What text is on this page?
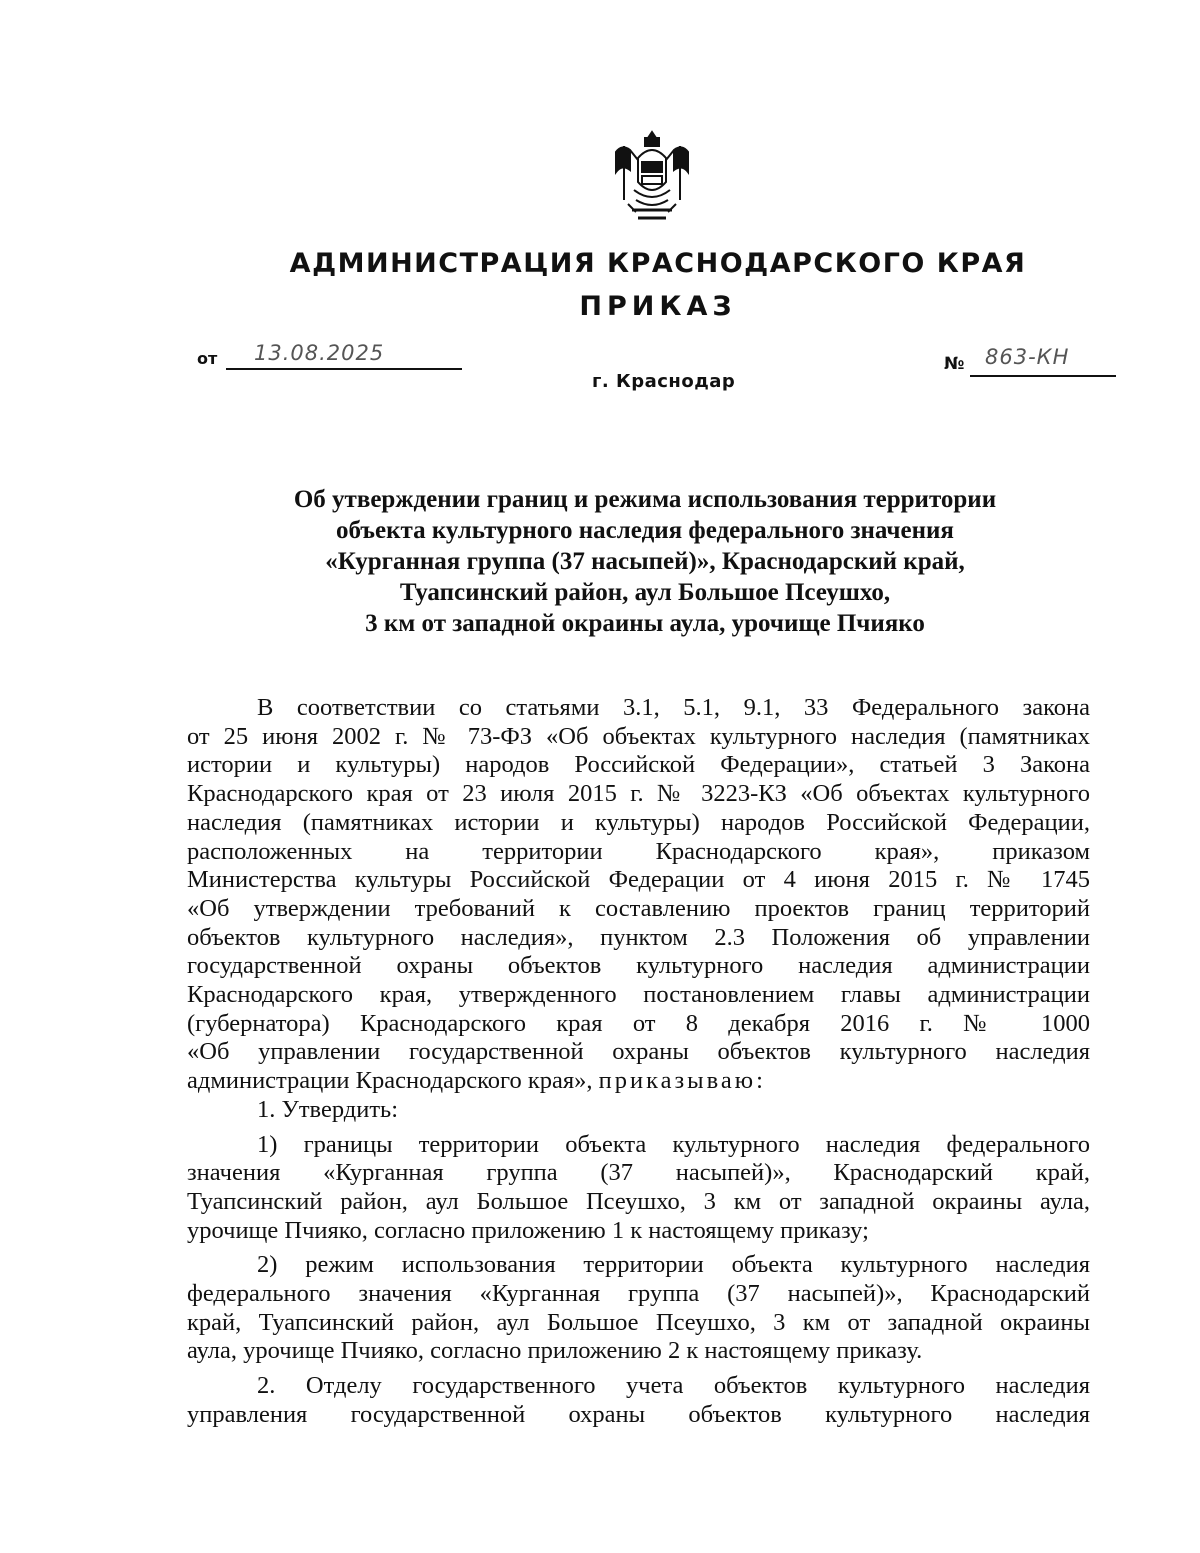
АДМИНИСТРАЦИЯ КРАСНОДАРСКОГО КРАЯ
ПРИКАЗ
от 13.08.2025	№ 863-КН
г. Краснодар
Об утверждении границ и режима использования территории
объекта культурного наследия федерального значения
«Курганная группа (37 насыпей)», Краснодарский край,
Туапсинский район, аул Большое Псеушхо,
3 км от западной окраины аула, урочище Пчияко
В соответствии со статьями 3.1, 5.1, 9.1, 33 Федерального закона
от 25 июня 2002 г. № 73-ФЗ «Об объектах культурного наследия (памятниках
истории и культуры) народов Российской Федерации», статьей 3 Закона
Краснодарского края от 23 июля 2015 г. № 3223-КЗ «Об объектах культурного
наследия (памятниках истории и культуры) народов Российской Федерации,
расположенных на территории Краснодарского края», приказом
Министерства культуры Российской Федерации от 4 июня 2015 г. № 1745
«Об утверждении требований к составлению проектов границ территорий
объектов культурного наследия», пунктом 2.3 Положения об управлении
государственной охраны объектов культурного наследия администрации
Краснодарского края, утвержденного постановлением главы администрации
(губернатора) Краснодарского края от 8 декабря 2016 г. № 1000
«Об управлении государственной охраны объектов культурного наследия
администрации Краснодарского края», приказываю:
1. Утвердить:
1) границы территории объекта культурного наследия федерального
значения «Курганная группа (37 насыпей)», Краснодарский край,
Туапсинский район, аул Большое Псеушхо, 3 км от западной окраины аула,
урочище Пчияко, согласно приложению 1 к настоящему приказу;
2) режим использования территории объекта культурного наследия
федерального значения «Курганная группа (37 насыпей)», Краснодарский
край, Туапсинский район, аул Большое Псеушхо, 3 км от западной окраины
аула, урочище Пчияко, согласно приложению 2 к настоящему приказу.
2. Отделу государственного учета объектов культурного наследия
управления государственной охраны объектов культурного наследия
